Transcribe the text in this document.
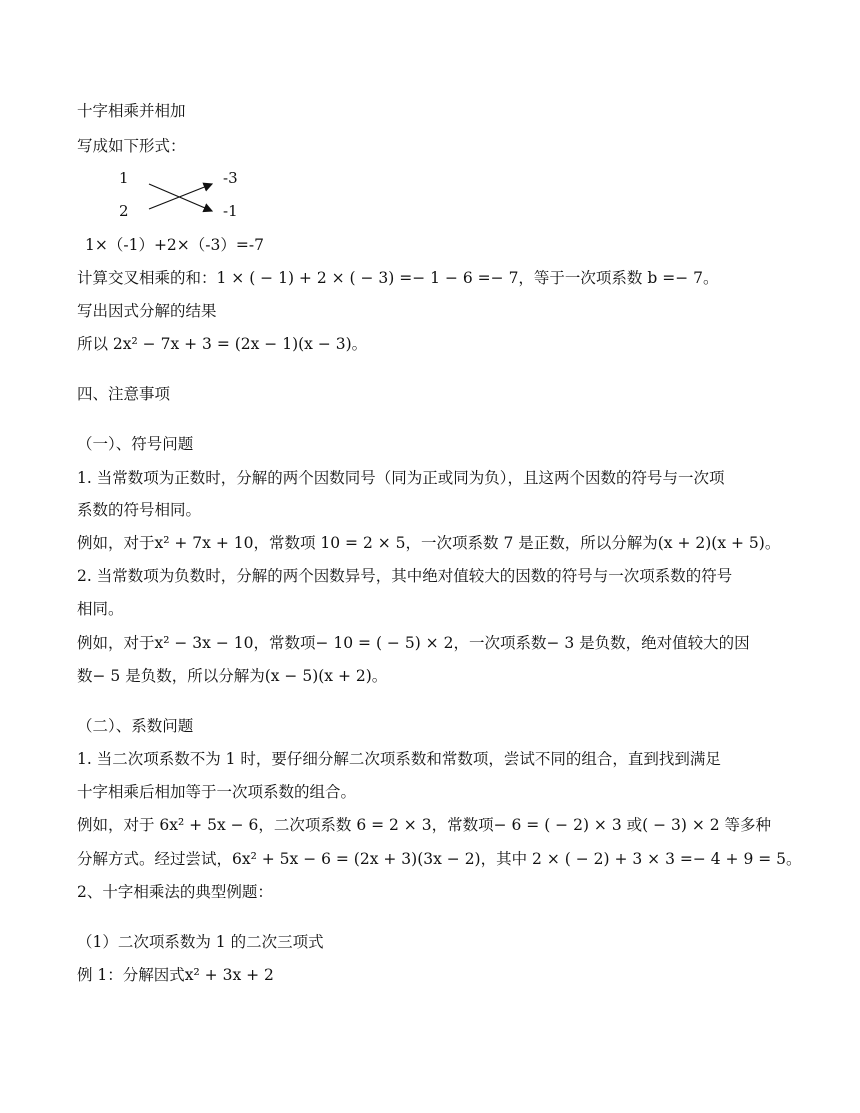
十字相乘并相加
写成如下形式：
1
2
-3
-1
1×（-1）+2×（-3）=-7
计算交叉相乘的和：1 × ( − 1) + 2 × ( − 3) =− 1 − 6 =− 7，等于一次项系数 b =− 7。
写出因式分解的结果
所以 2x² − 7x + 3 = (2x − 1)(x − 3)。
四、注意事项
（一）、符号问题
1. 当常数项为正数时，分解的两个因数同号（同为正或同为负），且这两个因数的符号与一次项
系数的符号相同。
例如，对于x² + 7x + 10，常数项 10 = 2 × 5，一次项系数 7 是正数，所以分解为(x + 2)(x + 5)。
2. 当常数项为负数时，分解的两个因数异号，其中绝对值较大的因数的符号与一次项系数的符号
相同。
例如，对于x² − 3x − 10，常数项− 10 = ( − 5) × 2，一次项系数− 3 是负数，绝对值较大的因
数− 5 是负数，所以分解为(x − 5)(x + 2)。
（二）、系数问题
1. 当二次项系数不为 1 时，要仔细分解二次项系数和常数项，尝试不同的组合，直到找到满足
十字相乘后相加等于一次项系数的组合。
例如，对于 6x² + 5x − 6，二次项系数 6 = 2 × 3，常数项− 6 = ( − 2) × 3 或( − 3) × 2 等多种
分解方式。经过尝试，6x² + 5x − 6 = (2x + 3)(3x − 2)，其中 2 × ( − 2) + 3 × 3 =− 4 + 9 = 5。
2、十字相乘法的典型例题：
（1）二次项系数为 1 的二次三项式
例 1：分解因式x² + 3x + 2
